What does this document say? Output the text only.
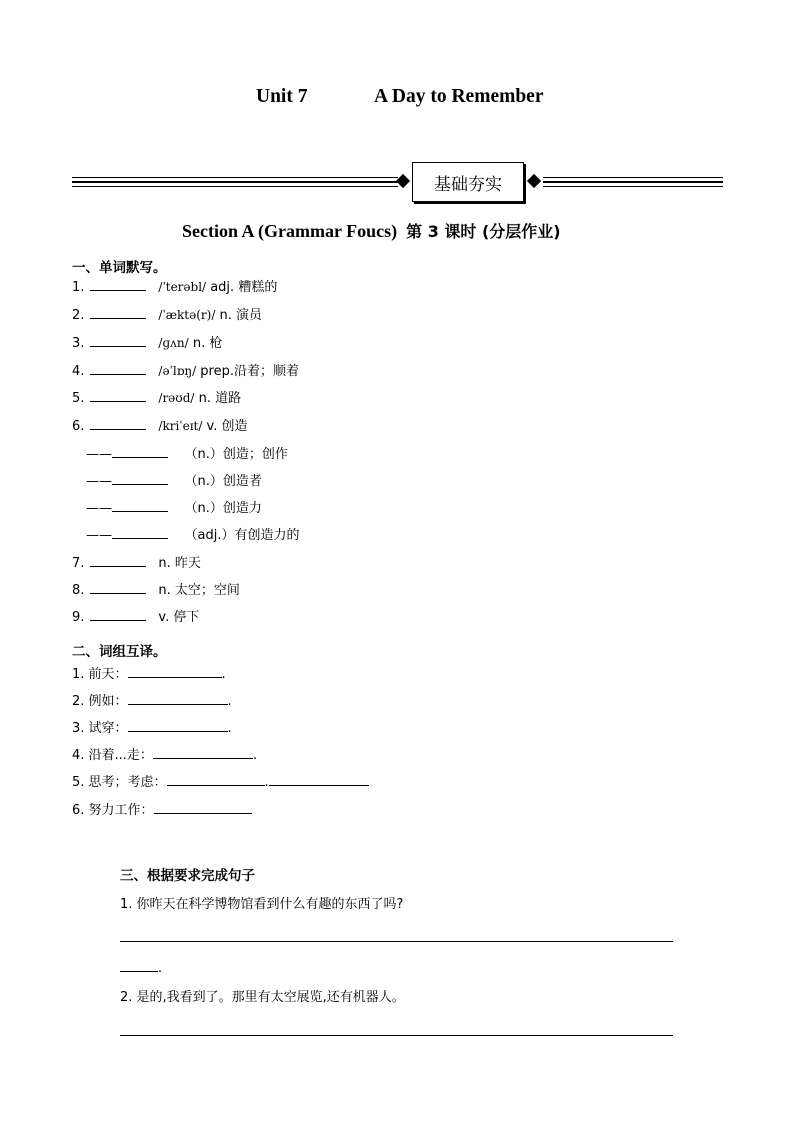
Unit 7	A Day to Remember
基础夯实
Section A (Grammar Foucs) 第 3 课时 (分层作业)
一、单词默写。
1.	/ˈterəbl/ adj. 糟糕的
2.	/ˈæktə(r)/ n. 演员
3.	/ɡʌn/ n. 枪
4.	/əˈlɒŋ/ prep.沿着；顺着
5.	/rəʊd/ n. 道路
6.	/kriˈeɪt/ v. 创造
——	（n.）创造；创作
——	（n.）创造者
——	（n.）创造力
——	（adj.）有创造力的
7.	n. 昨天
8.	n. 太空；空间
9.	v. 停下
二、词组互译。
1. 前天：	.
2. 例如：	.
3. 试穿：	.
4. 沿着...走：	.
5. 思考；考虑：	.
6. 努力工作：
三、根据要求完成句子
1. 你昨天在科学博物馆看到什么有趣的东西了吗?
.
2. 是的,我看到了。那里有太空展览,还有机器人。
